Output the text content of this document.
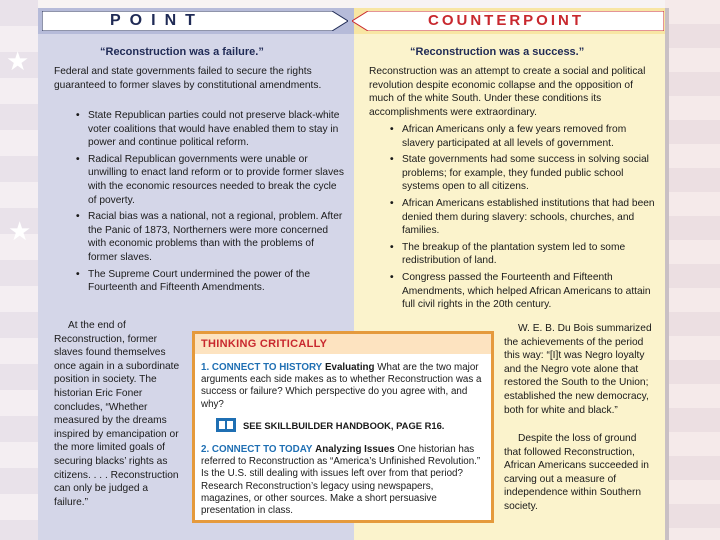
★
★
POINT	COUNTERPOINT
“Reconstruction was a failure.”
Federal and state governments failed to secure the rights guaranteed to former slaves by constitutional amendments.
• State Republican parties could not preserve black-white voter coalitions that would have enabled them to stay in power and continue political reform.
• Radical Republican governments were unable or unwilling to enact land reform or to provide former slaves with the economic resources needed to break the cycle of poverty.
• Racial bias was a national, not a regional, problem. After the Panic of 1873, Northerners were more concerned with economic problems than with the problems of former slaves.
• The Supreme Court undermined the power of the Fourteenth and Fifteenth Amendments.
At the end of Reconstruction, former slaves found themselves once again in a subordinate position in society. The historian Eric Foner concludes, “Whether measured by the dreams inspired by emancipation or the more limited goals of securing blacks’ rights as citizens. . . . Reconstruction can only be judged a failure.”
“Reconstruction was a success.”
Reconstruction was an attempt to create a social and political revolution despite economic collapse and the opposition of much of the white South. Under these conditions its accomplishments were extraordinary.
• African Americans only a few years removed from slavery participated at all levels of government.
• State governments had some success in solving social problems; for example, they funded public school systems open to all citizens.
• African Americans established institutions that had been denied them during slavery: schools, churches, and families.
• The breakup of the plantation system led to some redistribution of land.
• Congress passed the Fourteenth and Fifteenth Amendments, which helped African Americans to attain full civil rights in the 20th century.
W. E. B. Du Bois summarized the achievements of the period this way: “[I]t was Negro loyalty and the Negro vote alone that restored the South to the Union; established the new democracy, both for white and black.”
Despite the loss of ground that followed Reconstruction, African Americans succeeded in carving out a measure of independence within Southern society.
THINKING CRITICALLY
1. CONNECT TO HISTORY Evaluating What are the two major arguments each side makes as to whether Reconstruction was a success or failure? Which perspective do you agree with, and why?
SEE SKILLBUILDER HANDBOOK, PAGE R16.
2. CONNECT TO TODAY Analyzing Issues One historian has referred to Reconstruction as “America’s Unfinished Revolution.” Is the U.S. still dealing with issues left over from that period? Research Reconstruction’s legacy using newspapers, magazines, or other sources. Make a short persuasive presentation in class.
